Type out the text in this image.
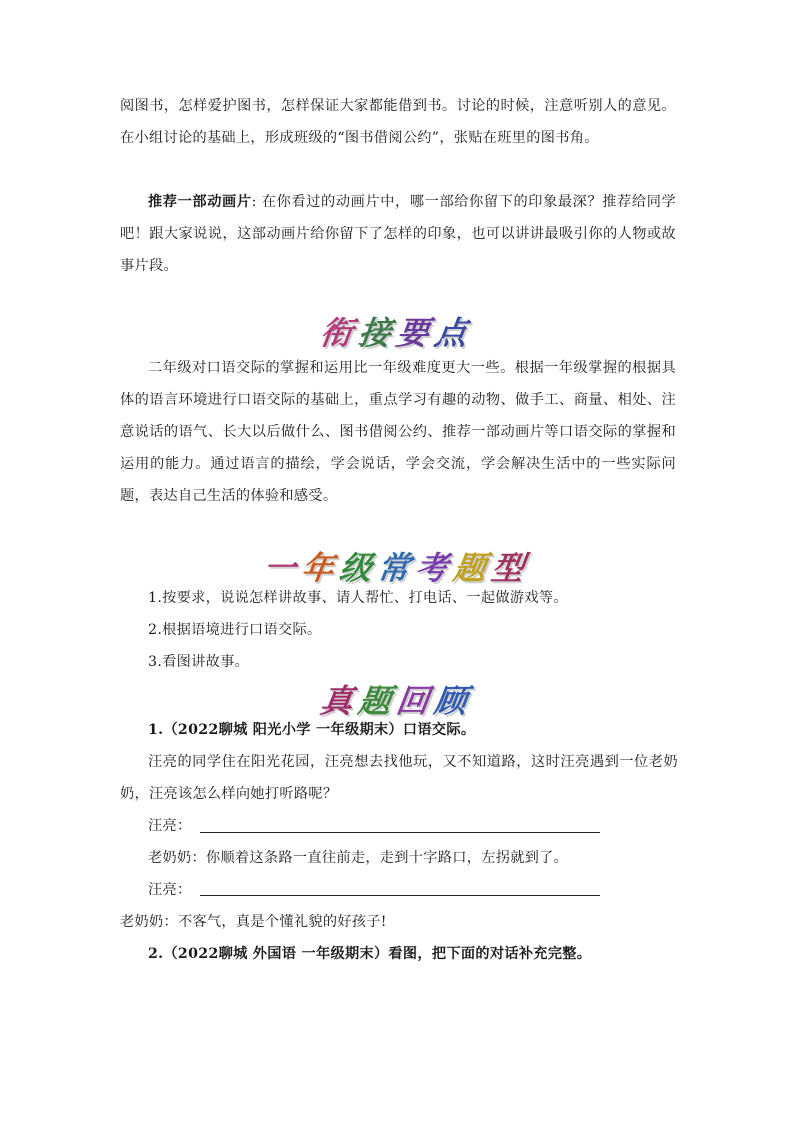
阅图书，怎样爱护图书，怎样保证大家都能借到书。讨论的时候，注意听别人的意见。在小组讨论的基础上，形成班级的“图书借阅公约”，张贴在班里的图书角。

推荐一部动画片: 在你看过的动画片中，哪一部给你留下的印象最深？推荐给同学吧！跟大家说说，这部动画片给你留下了怎样的印象，也可以讲讲最吸引你的人物或故事片段。

衔接要点

二年级对口语交际的掌握和运用比一年级难度更大一些。根据一年级掌握的根据具体的语言环境进行口语交际的基础上，重点学习有趣的动物、做手工、商量、相处、注意说话的语气、长大以后做什么、图书借阅公约、推荐一部动画片等口语交际的掌握和运用的能力。通过语言的描绘，学会说话，学会交流，学会解决生活中的一些实际问题，表达自己生活的体验和感受。

一年级常考题型
1.按要求，说说怎样讲故事、请人帮忙、打电话、一起做游戏等。
2.根据语境进行口语交际。
3.看图讲故事。
真题回顾
1.（2022聊城 阳光小学 一年级期末）口语交际。

汪亮的同学住在阳光花园，汪亮想去找他玩，又不知道路，这时汪亮遇到一位老奶奶，汪亮该怎么样向她打听路呢？

汪亮：
老奶奶：你顺着这条路一直往前走，走到十字路口，左拐就到了。
汪亮：
老奶奶：不客气，真是个懂礼貌的好孩子!
2.（2022聊城 外国语 一年级期末）看图，把下面的对话补充完整。
